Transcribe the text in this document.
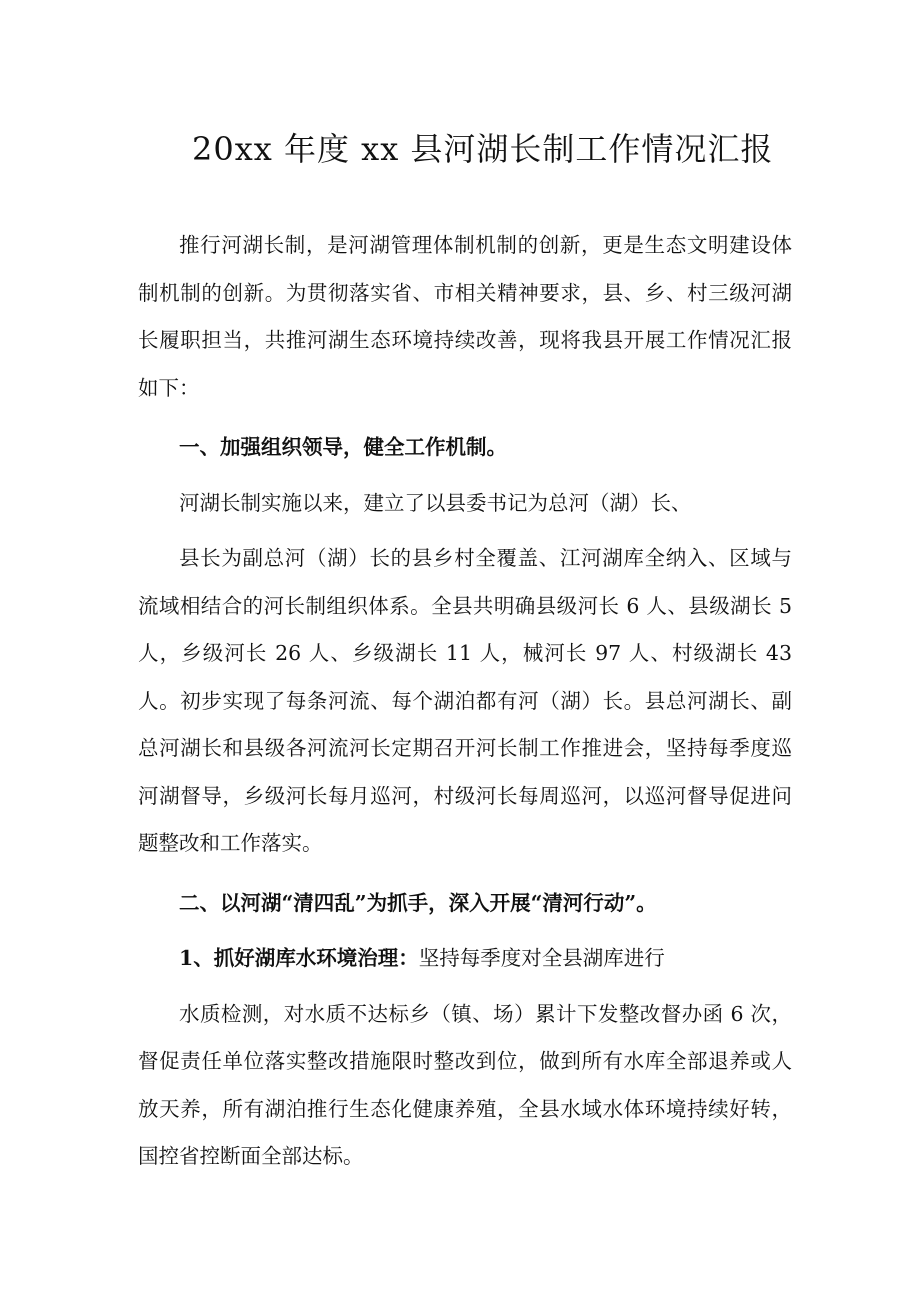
20xx 年度 xx 县河湖长制工作情况汇报

推行河湖长制，是河湖管理体制机制的创新，更是生态文明建设体制机制的创新。为贯彻落实省、市相关精神要求，县、乡、村三级河湖长履职担当，共推河湖生态环境持续改善，现将我县开展工作情况汇报如下：

一、加强组织领导，健全工作机制。

河湖长制实施以来，建立了以县委书记为总河（湖）长、

县长为副总河（湖）长的县乡村全覆盖、江河湖库全纳入、区域与流域相结合的河长制组织体系。全县共明确县级河长 6 人、县级湖长 5 人，乡级河长 26 人、乡级湖长 11 人，械河长 97 人、村级湖长 43 人。初步实现了每条河流、每个湖泊都有河（湖）长。县总河湖长、副总河湖长和县级各河流河长定期召开河长制工作推进会，坚持每季度巡河湖督导，乡级河长每月巡河，村级河长每周巡河，以巡河督导促进问题整改和工作落实。

二、以河湖“清四乱”为抓手，深入开展“清河行动”。

1、抓好湖库水环境治理：坚持每季度对全县湖库进行

水质检测，对水质不达标乡（镇、场）累计下发整改督办函 6 次，督促责任单位落实整改措施限时整改到位，做到所有水库全部退养或人放天养，所有湖泊推行生态化健康养殖，全县水域水体环境持续好转，国控省控断面全部达标。
